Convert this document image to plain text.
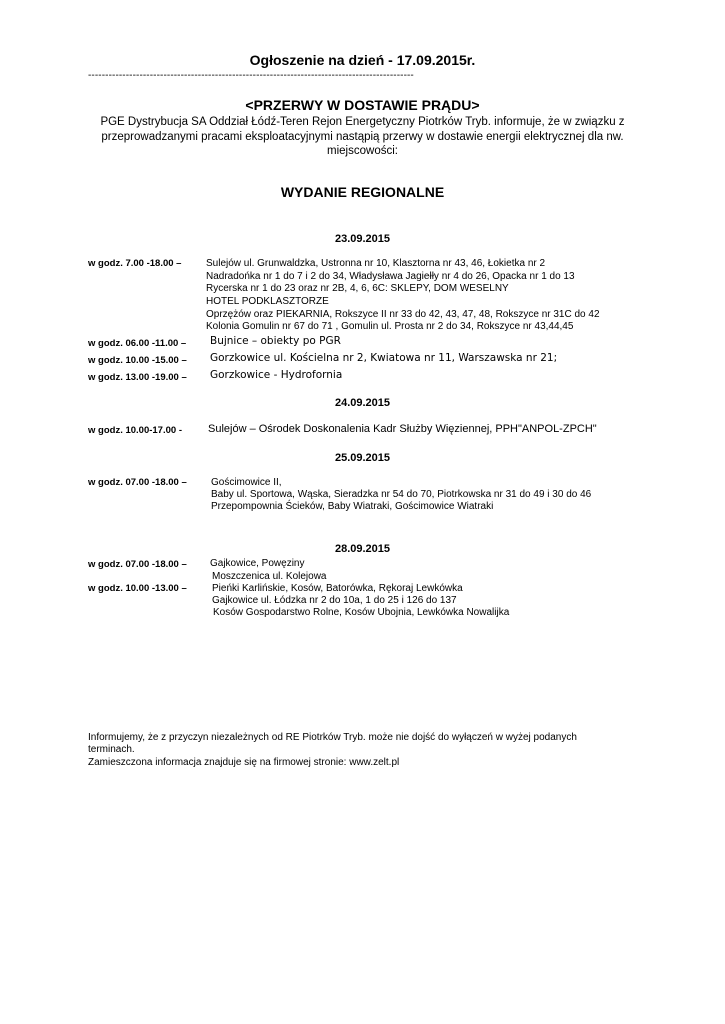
Ogłoszenie na dzień - 17.09.2015r.
-----------------------------------------------------------------------------------------------
<PRZERWY W DOSTAWIE PRĄDU>
PGE Dystrybucja SA Oddział Łódź-Teren Rejon Energetyczny Piotrków Tryb. informuje, że w związku z przeprowadzanymi pracami eksploatacyjnymi nastąpią przerwy w dostawie energii elektrycznej dla nw. miejscowości:
WYDANIE REGIONALNE
23.09.2015
w godz. 7.00 -18.00 – Sulejów ul. Grunwaldzka, Ustronna nr 10, Klasztorna nr 43, 46, Łokietka nr 2
Nadradońka nr 1 do 7 i 2 do 34, Władysława Jagiełły nr 4 do 26, Opacka nr 1 do 13
Rycerska nr 1 do 23 oraz nr 2B, 4, 6, 6C: SKLEPY, DOM WESELNY
HOTEL PODKLASZTORZE
Oprzężów oraz PIEKARNIA, Rokszyce II nr 33 do 42, 43, 47, 48, Rokszyce nr 31C do 42
Kolonia Gomulin nr 67 do 71 , Gomulin ul. Prosta nr 2 do 34, Rokszyce nr 43,44,45
w godz. 06.00 -11.00 – Bujnice – obiekty po PGR
w godz. 10.00 -15.00 – Gorzkowice ul. Kościelna nr 2, Kwiatowa nr 11, Warszawska nr 21;
w godz. 13.00 -19.00 – Gorzkowice - Hydrofornia
24.09.2015
w godz. 10.00-17.00 - Sulejów – Ośrodek Doskonalenia Kadr Służby Więziennej, PPH"ANPOL-ZPCH"
25.09.2015
w godz. 07.00 -18.00 – Gościmowice II,
Baby ul. Sportowa, Wąska, Sieradzka nr 54 do 70, Piotrkowska nr 31 do 49 i 30 do 46
Przepompownia Ścieków, Baby Wiatraki, Gościmowice Wiatraki
28.09.2015
w godz. 07.00 -18.00 – Gajkowice, Powęziny
Moszczenica ul. Kolejowa
w godz. 10.00 -13.00 –	Pieńki Karlińskie, Kosów, Batorówka, Rękoraj Lewkówka
Gajkowice ul. Łódzka nr 2 do 10a, 1 do 25 i 126 do 137
Kosów Gospodarstwo Rolne, Kosów Ubojnia, Lewkówka Nowalijka
Informujemy, że z przyczyn niezależnych od RE Piotrków Tryb. może nie dojść do wyłączeń w wyżej podanych
terminach.
Zamieszczona informacja znajduje się na firmowej stronie: www.zelt.pl
